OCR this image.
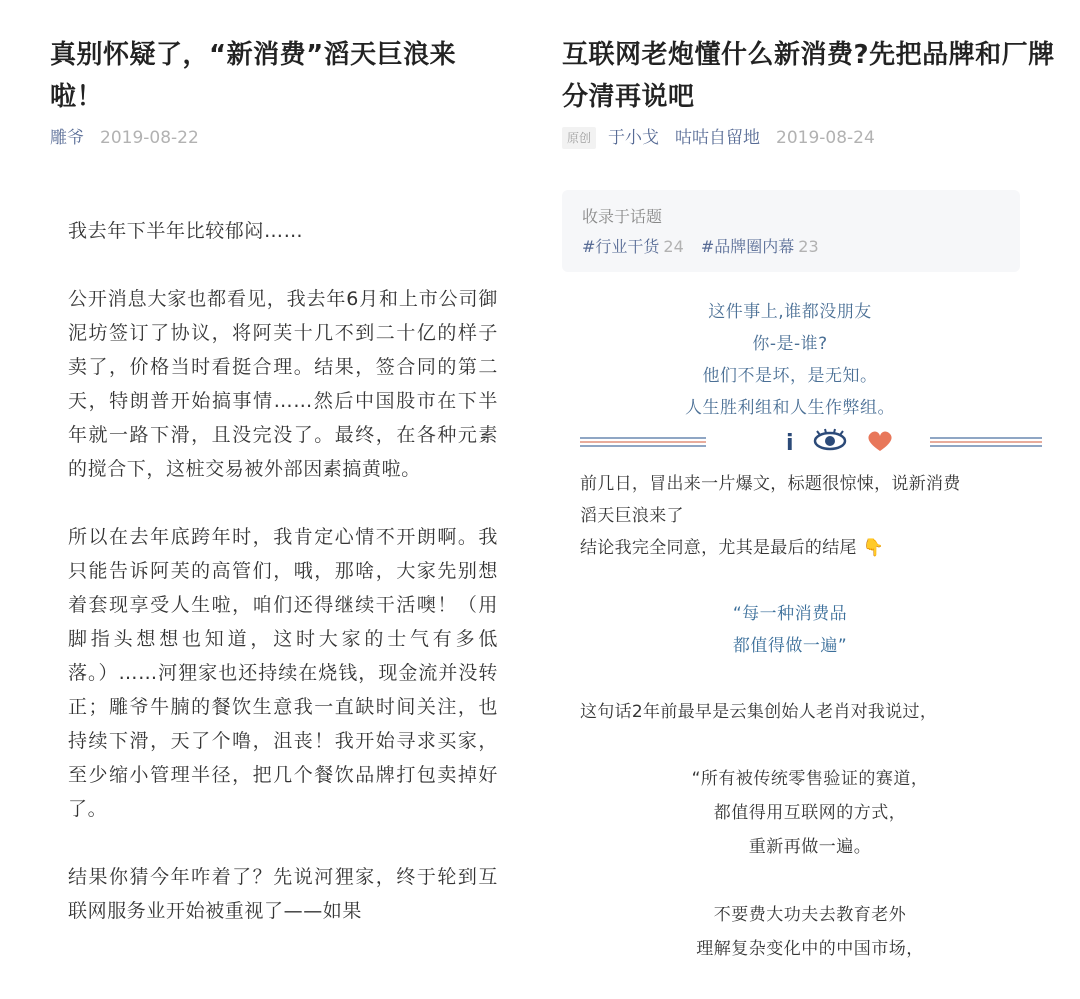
真别怀疑了，“新消费”滔天巨浪来啦！
雕爷 2019-08-22

我去年下半年比较郁闷……

公开消息大家也都看见，我去年6月和上市公司御泥坊签订了协议，将阿芙十几不到二十亿的样子卖了，价格当时看挺合理。结果，签合同的第二天，特朗普开始搞事情……然后中国股市在下半年就一路下滑，且没完没了。最终，在各种元素的搅合下，这桩交易被外部因素搞黄啦。

所以在去年底跨年时，我肯定心情不开朗啊。我只能告诉阿芙的高管们，哦，那啥，大家先别想着套现享受人生啦，咱们还得继续干活噢！（用脚指头想想也知道，这时大家的士气有多低落。）……河狸家也还持续在烧钱，现金流并没转正；雕爷牛腩的餐饮生意我一直缺时间关注，也持续下滑，天了个噜，沮丧！我开始寻求买家，至少缩小管理半径，把几个餐饮品牌打包卖掉好了。

结果你猜今年咋着了？先说河狸家，终于轮到互联网服务业开始被重视了——如果

互联网老炮懂什么新消费?先把品牌和厂牌分清再说吧
原创 于小戈 咕咕自留地 2019-08-24
收录于话题
#行业干货 24 #品牌圈内幕 23
这件事上,谁都没朋友
你-是-谁?
他们不是坏，是无知。
人生胜利组和人生作弊组。
i
前几日，冒出来一片爆文，标题很惊悚，说新消费
滔天巨浪来了
结论我完全同意，尤其是最后的结尾 👇
“每一种消费品
都值得做一遍”
这句话2年前最早是云集创始人老肖对我说过，
“所有被传统零售验证的赛道，
都值得用互联网的方式，
重新再做一遍。
不要费大功夫去教育老外
理解复杂变化中的中国市场，
